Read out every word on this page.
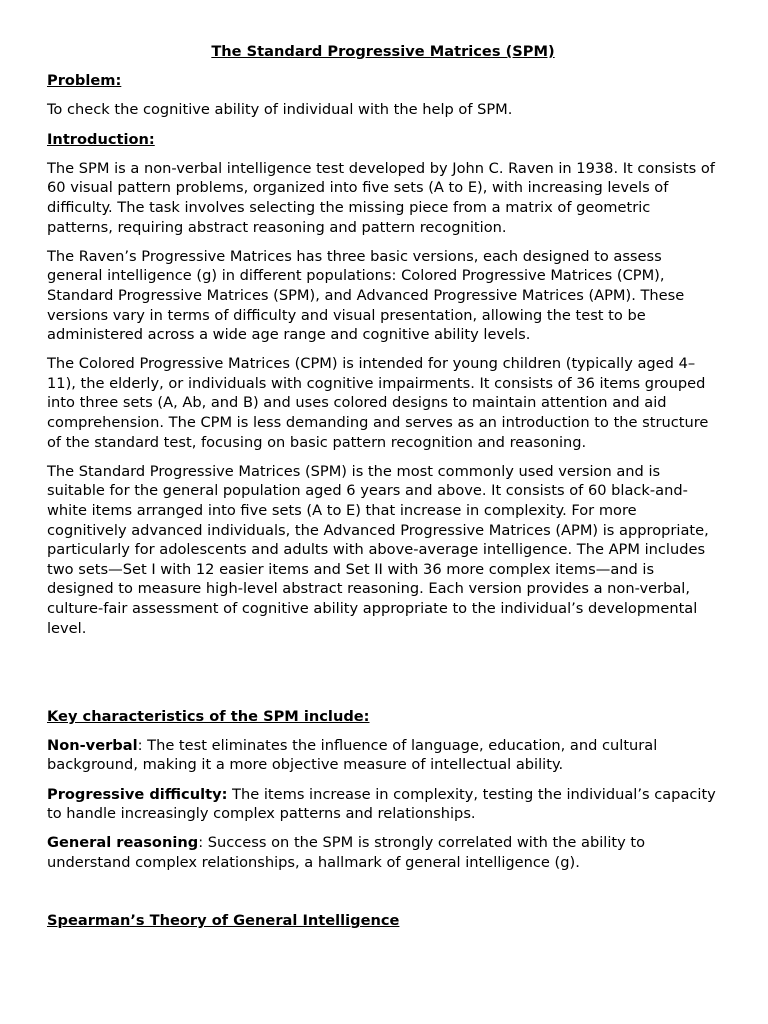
The Standard Progressive Matrices (SPM)
Problem:

To check the cognitive ability of individual with the help of SPM.

Introduction:

The SPM is a non-verbal intelligence test developed by John C. Raven in 1938. It consists of 60 visual pattern problems, organized into five sets (A to E), with increasing levels of difficulty. The task involves selecting the missing piece from a matrix of geometric patterns, requiring abstract reasoning and pattern recognition.

The Raven’s Progressive Matrices has three basic versions, each designed to assess general intelligence (g) in different populations: Colored Progressive Matrices (CPM), Standard Progressive Matrices (SPM), and Advanced Progressive Matrices (APM). These versions vary in terms of difficulty and visual presentation, allowing the test to be administered across a wide age range and cognitive ability levels.

The Colored Progressive Matrices (CPM) is intended for young children (typically aged 4–11), the elderly, or individuals with cognitive impairments. It consists of 36 items grouped into three sets (A, Ab, and B) and uses colored designs to maintain attention and aid comprehension. The CPM is less demanding and serves as an introduction to the structure of the standard test, focusing on basic pattern recognition and reasoning.

The Standard Progressive Matrices (SPM) is the most commonly used version and is suitable for the general population aged 6 years and above. It consists of 60 black-and-white items arranged into five sets (A to E) that increase in complexity. For more cognitively advanced individuals, the Advanced Progressive Matrices (APM) is appropriate, particularly for adolescents and adults with above-average intelligence. The APM includes two sets—Set I with 12 easier items and Set II with 36 more complex items—and is designed to measure high-level abstract reasoning. Each version provides a non-verbal, culture-fair assessment of cognitive ability appropriate to the individual’s developmental level.

Key characteristics of the SPM include:

Non-verbal: The test eliminates the influence of language, education, and cultural background, making it a more objective measure of intellectual ability.

Progressive difficulty: The items increase in complexity, testing the individual’s capacity to handle increasingly complex patterns and relationships.

General reasoning: Success on the SPM is strongly correlated with the ability to understand complex relationships, a hallmark of general intelligence (g).

Spearman’s Theory of General Intelligence
